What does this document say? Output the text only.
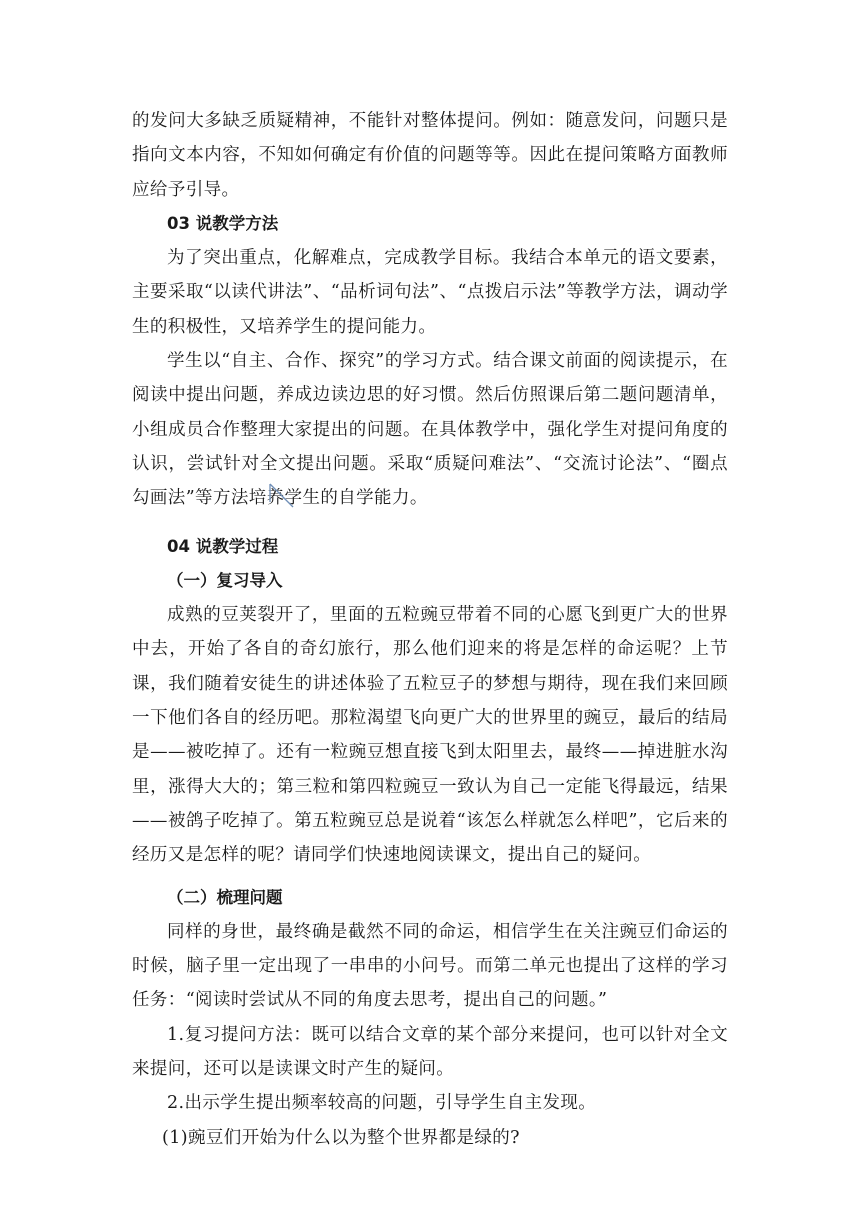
的发问大多缺乏质疑精神，不能针对整体提问。例如：随意发问，问题只是指向文本内容，不知如何确定有价值的问题等等。因此在提问策略方面教师应给予引导。

03 说教学方法

为了突出重点，化解难点，完成教学目标。我结合本单元的语文要素，主要采取“以读代讲法”、“品析词句法”、“点拨启示法”等教学方法，调动学生的积极性，又培养学生的提问能力。

学生以“自主、合作、探究”的学习方式。结合课文前面的阅读提示，在阅读中提出问题，养成边读边思的好习惯。然后仿照课后第二题问题清单，小组成员合作整理大家提出的问题。在具体教学中，强化学生对提问角度的认识，尝试针对全文提出问题。采取“质疑问难法”、“交流讨论法”、“圈点勾画法”等方法培养学生的自学能力。

04 说教学过程

（一）复习导入

成熟的豆荚裂开了，里面的五粒豌豆带着不同的心愿飞到更广大的世界中去，开始了各自的奇幻旅行，那么他们迎来的将是怎样的命运呢？上节课，我们随着安徒生的讲述体验了五粒豆子的梦想与期待，现在我们来回顾一下他们各自的经历吧。那粒渴望飞向更广大的世界里的豌豆，最后的结局是——被吃掉了。还有一粒豌豆想直接飞到太阳里去，最终——掉进脏水沟里，涨得大大的；第三粒和第四粒豌豆一致认为自己一定能飞得最远，结果——被鸽子吃掉了。第五粒豌豆总是说着“该怎么样就怎么样吧”，它后来的经历又是怎样的呢？请同学们快速地阅读课文，提出自己的疑问。

（二）梳理问题

同样的身世，最终确是截然不同的命运，相信学生在关注豌豆们命运的时候，脑子里一定出现了一串串的小问号。而第二单元也提出了这样的学习任务：“阅读时尝试从不同的角度去思考，提出自己的问题。”

1.复习提问方法：既可以结合文章的某个部分来提问，也可以针对全文来提问，还可以是读课文时产生的疑问。

2.出示学生提出频率较高的问题，引导学生自主发现。

(1)豌豆们开始为什么以为整个世界都是绿的?
